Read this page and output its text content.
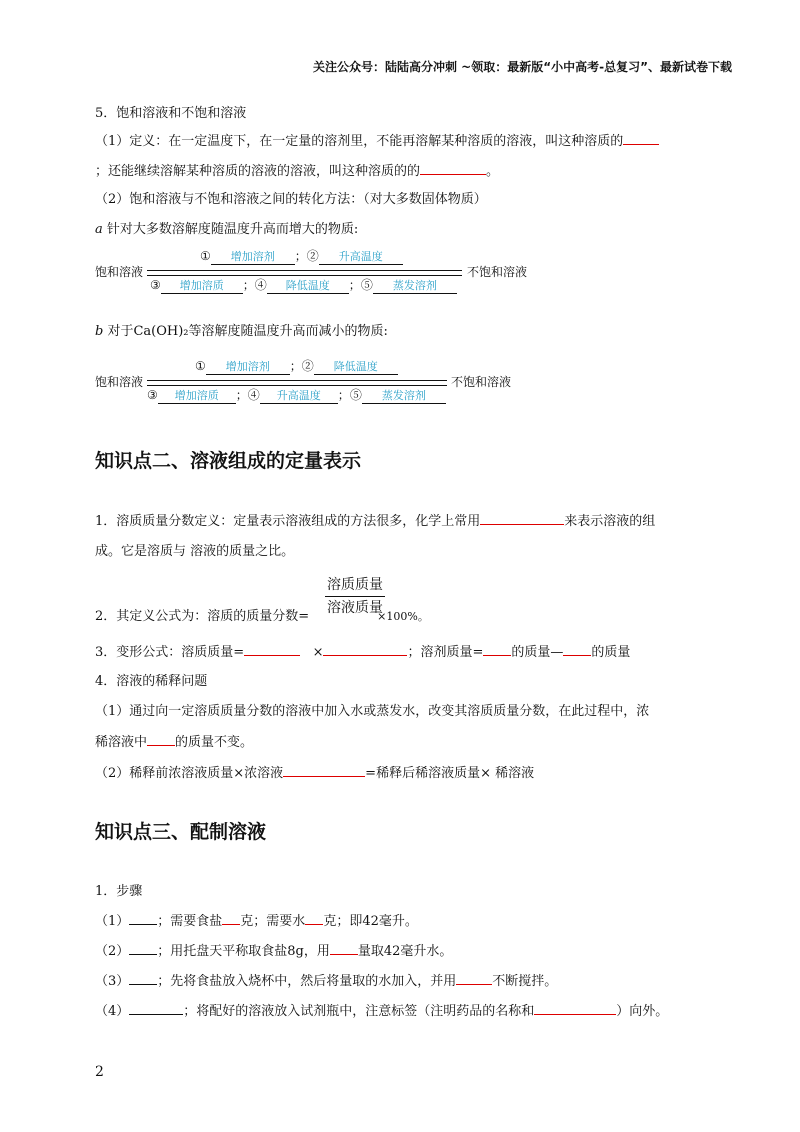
关注公众号：陆陆高分冲刺 ~领取：最新版“小中高考-总复习”、最新试卷下载
5．饱和溶液和不饱和溶液
（1）定义：在一定温度下，在一定量的溶剂里，不能再溶解某种溶质的溶液，叫这种溶质的
；还能继续溶解某种溶质的溶液的溶液，叫这种溶质的的	。
（2）饱和溶液与不饱和溶液之间的转化方法：（对大多数固体物质）
a 针对大多数溶解度随温度升高而增大的物质:
① 增加溶剂 ；② 升高温度
饱和溶液	不饱和溶液
③ 增加溶质 ；④ 降低温度 ；⑤ 蒸发溶剂
b 对于Ca(OH)₂等溶解度随温度升高而减小的物质:
① 增加溶剂 ；② 降低温度
饱和溶液	不饱和溶液
③ 增加溶质 ；④ 升高温度 ；⑤ 蒸发溶剂
知识点二、溶液组成的定量表示
1．溶质质量分数定义：定量表示溶液组成的方法很多，化学上常用	来表示溶液的组
成。它是溶质与 溶液的质量之比。
溶质质量
溶液质量
2．其定义公式为：溶质的质量分数=	×100%。
3．变形公式：溶质质量=	×	；溶剂质量= 的质量— 的质量
4．溶液的稀释问题
（1）通过向一定溶质质量分数的溶液中加入水或蒸发水，改变其溶质质量分数，在此过程中，浓
稀溶液中 的质量不变。
（2）稀释前浓溶液质量×浓溶液	=稀释后稀溶液质量× 稀溶液
知识点三、配制溶液
1．步骤
（1） ；需要食盐 克；需要水 克；即42毫升。
（2） ；用托盘天平称取食盐8g，用 量取42毫升水。
（3） ；先将食盐放入烧杯中，然后将量取的水加入，并用	不断搅拌。
（4）	；将配好的溶液放入试剂瓶中，注意标签（注明药品的名称和	）向外。
2
